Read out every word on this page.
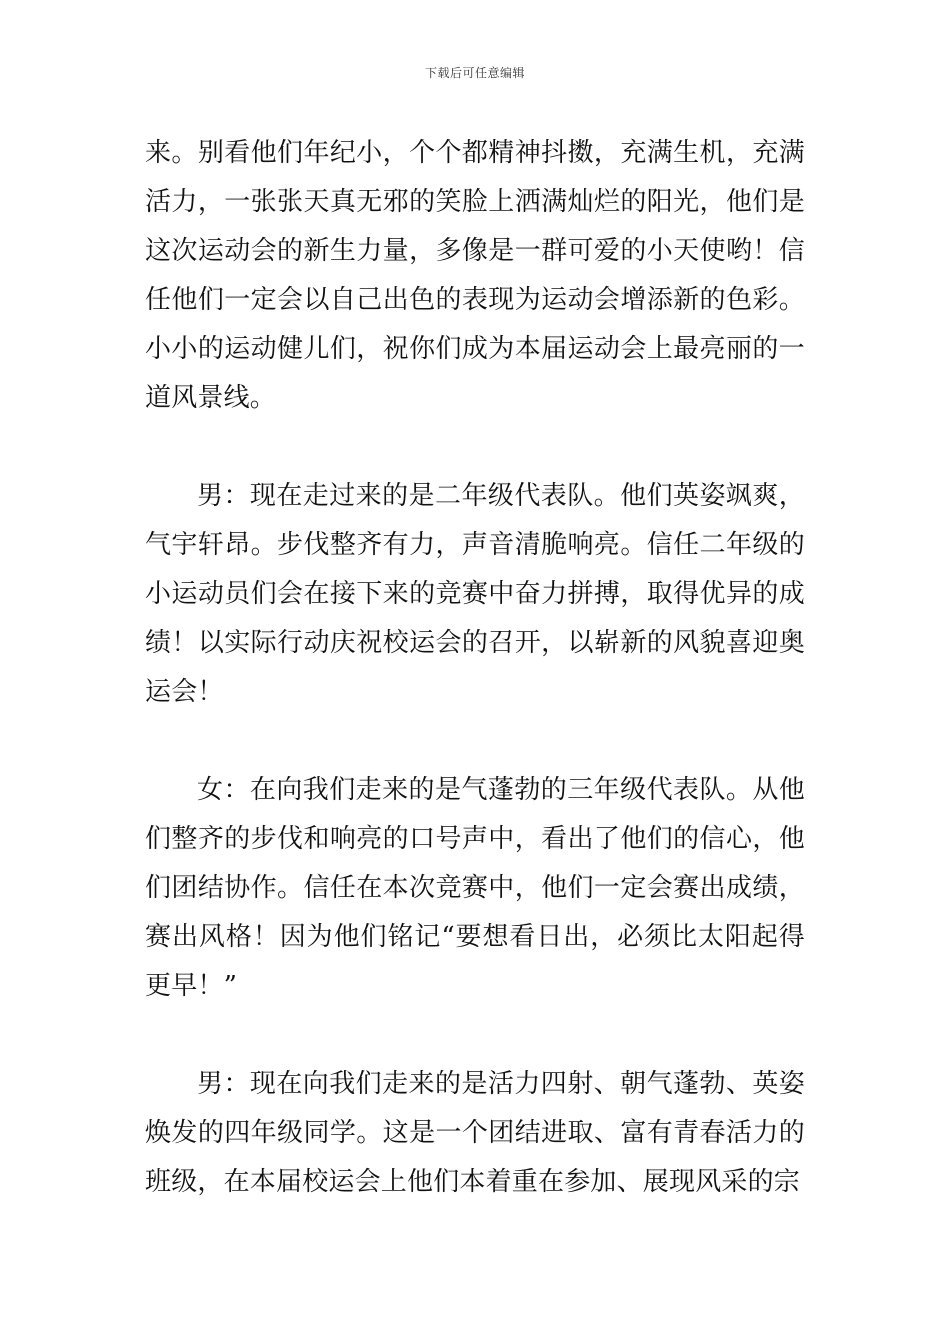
下载后可任意编辑

来。别看他们年纪小，个个都精神抖擞，充满生机，充满活力，一张张天真无邪的笑脸上洒满灿烂的阳光，他们是这次运动会的新生力量，多像是一群可爱的小天使哟！信任他们一定会以自己出色的表现为运动会增添新的色彩。小小的运动健儿们，祝你们成为本届运动会上最亮丽的一道风景线。

男：现在走过来的是二年级代表队。他们英姿飒爽，气宇轩昂。步伐整齐有力，声音清脆响亮。信任二年级的小运动员们会在接下来的竞赛中奋力拼搏，取得优异的成绩！以实际行动庆祝校运会的召开，以崭新的风貌喜迎奥运会！

女：在向我们走来的是气蓬勃的三年级代表队。从他们整齐的步伐和响亮的口号声中，看出了他们的信心，他们团结协作。信任在本次竞赛中，他们一定会赛出成绩，赛出风格！因为他们铭记“要想看日出，必须比太阳起得更早！”

男：现在向我们走来的是活力四射、朝气蓬勃、英姿焕发的四年级同学。这是一个团结进取、富有青春活力的班级，在本届校运会上他们本着重在参加、展现风采的宗
